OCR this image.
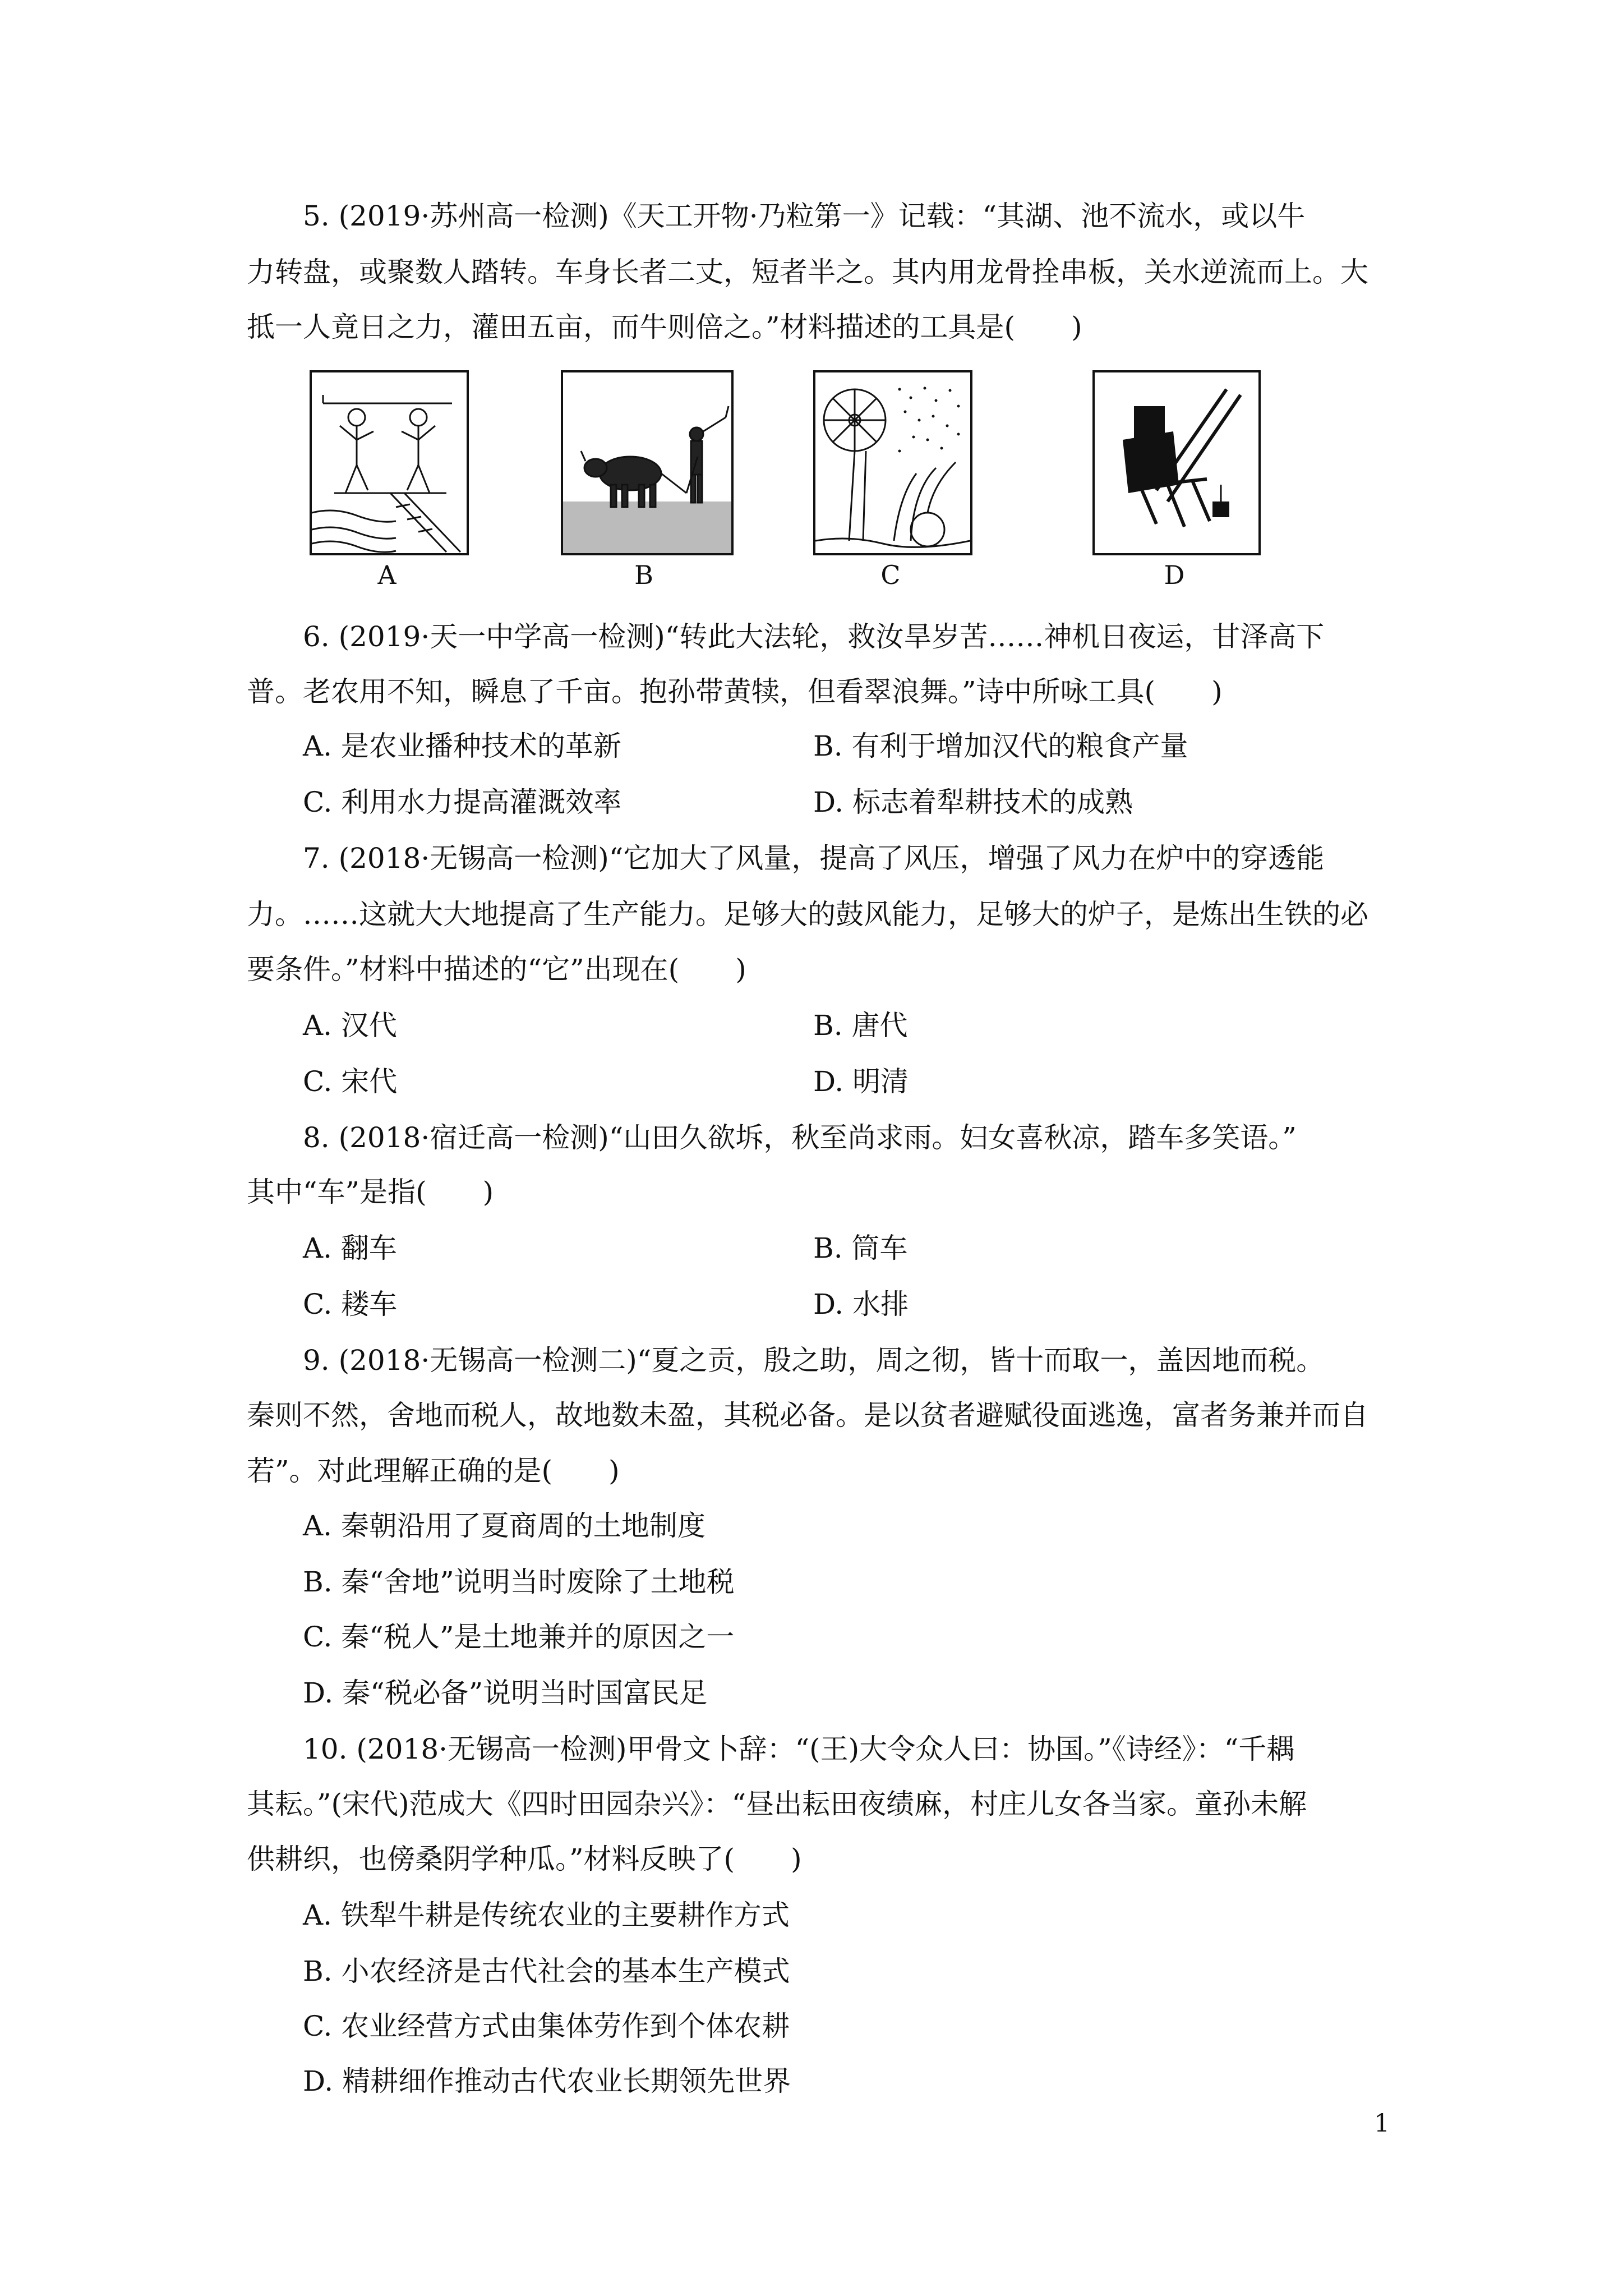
5. (2019·苏州高一检测)《天工开物·乃粒第一》记载：“其湖、池不流水，或以牛
力转盘，或聚数人踏转。车身长者二丈，短者半之。其内用龙骨拴串板，关水逆流而上。大
抵一人竟日之力，灌田五亩，而牛则倍之。”材料描述的工具是(　　)
A	B	C	D
6. (2019·天一中学高一检测)“转此大法轮，救汝旱岁苦……神机日夜运，甘泽高下
普。老农用不知，瞬息了千亩。抱孙带黄犊，但看翠浪舞。”诗中所咏工具(　　)
A. 是农业播种技术的革新	B. 有利于增加汉代的粮食产量
C. 利用水力提高灌溉效率	D. 标志着犁耕技术的成熟
7. (2018·无锡高一检测)“它加大了风量，提高了风压，增强了风力在炉中的穿透能
力。……这就大大地提高了生产能力。足够大的鼓风能力，足够大的炉子，是炼出生铁的必
要条件。”材料中描述的“它”出现在(　　)
A. 汉代	B. 唐代
C. 宋代	D. 明清
8. (2018·宿迁高一检测)“山田久欲坼，秋至尚求雨。妇女喜秋凉，踏车多笑语。”
其中“车”是指(　　)
A. 翻车	B. 筒车
C. 耧车	D. 水排
9. (2018·无锡高一检测二)“夏之贡，殷之助，周之彻，皆十而取一，盖因地而税。
秦则不然，舍地而税人，故地数未盈，其税必备。是以贫者避赋役面逃逸，富者务兼并而自
若”。对此理解正确的是(　　)
A. 秦朝沿用了夏商周的土地制度
B. 秦“舍地”说明当时废除了土地税
C. 秦“税人”是土地兼并的原因之一
D. 秦“税必备”说明当时国富民足
10. (2018·无锡高一检测)甲骨文卜辞：“(王)大令众人曰：协国。”《诗经》：“千耦
其耘。”(宋代)范成大《四时田园杂兴》：“昼出耘田夜绩麻，村庄儿女各当家。童孙未解
供耕织，也傍桑阴学种瓜。”材料反映了(　　)
A. 铁犁牛耕是传统农业的主要耕作方式
B. 小农经济是古代社会的基本生产模式
C. 农业经营方式由集体劳作到个体农耕
D. 精耕细作推动古代农业长期领先世界
1
